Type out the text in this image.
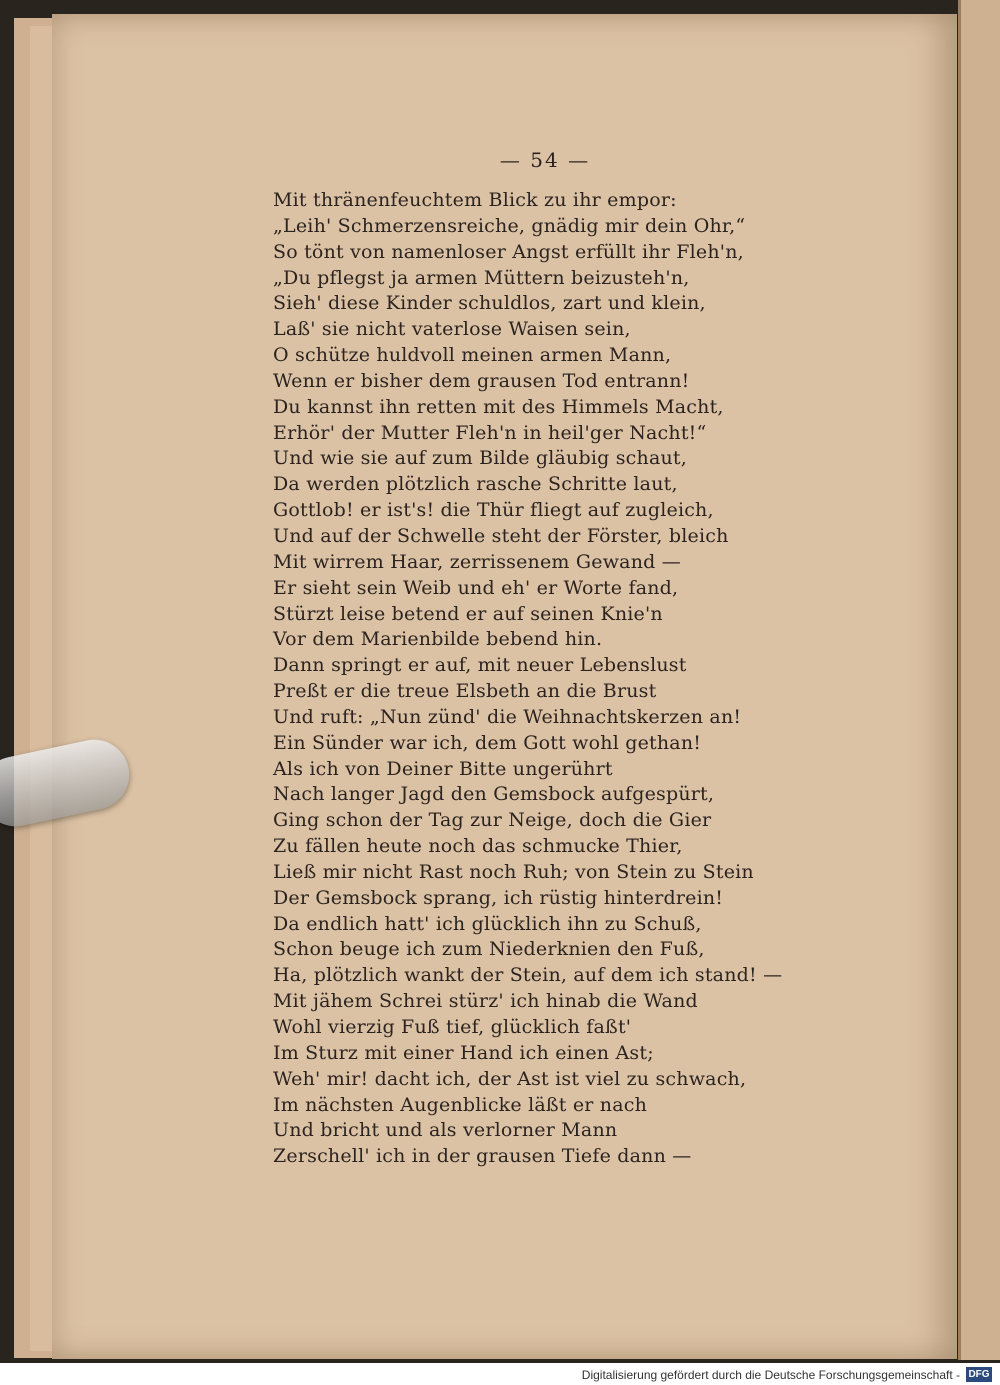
— 54 —
Mit thränenfeuchtem Blick zu ihr empor:
„Leih' Schmerzensreiche, gnädig mir dein Ohr,“
So tönt von namenloser Angst erfüllt ihr Fleh'n,
„Du pflegst ja armen Müttern beizusteh'n,
Sieh' diese Kinder schuldlos, zart und klein,
Laß' sie nicht vaterlose Waisen sein,
O schütze huldvoll meinen armen Mann,
Wenn er bisher dem grausen Tod entrann!
Du kannst ihn retten mit des Himmels Macht,
Erhör' der Mutter Fleh'n in heil'ger Nacht!“
Und wie sie auf zum Bilde gläubig schaut,
Da werden plötzlich rasche Schritte laut,
Gottlob! er ist's! die Thür fliegt auf zugleich,
Und auf der Schwelle steht der Förster, bleich
Mit wirrem Haar, zerrissenem Gewand —
Er sieht sein Weib und eh' er Worte fand,
Stürzt leise betend er auf seinen Knie'n
Vor dem Marienbilde bebend hin.
Dann springt er auf, mit neuer Lebenslust
Preßt er die treue Elsbeth an die Brust
Und ruft: „Nun zünd' die Weihnachtskerzen an!
Ein Sünder war ich, dem Gott wohl gethan!
Als ich von Deiner Bitte ungerührt
Nach langer Jagd den Gemsbock aufgespürt,
Ging schon der Tag zur Neige, doch die Gier
Zu fällen heute noch das schmucke Thier,
Ließ mir nicht Rast noch Ruh; von Stein zu Stein
Der Gemsbock sprang, ich rüstig hinterdrein!
Da endlich hatt' ich glücklich ihn zu Schuß,
Schon beuge ich zum Niederknien den Fuß,
Ha, plötzlich wankt der Stein, auf dem ich stand! —
Mit jähem Schrei stürz' ich hinab die Wand
Wohl vierzig Fuß tief, glücklich faßt'
Im Sturz mit einer Hand ich einen Ast;
Weh' mir! dacht ich, der Ast ist viel zu schwach,
Im nächsten Augenblicke läßt er nach
Und bricht und als verlorner Mann
Zerschell' ich in der grausen Tiefe dann —
Digitalisierung gefördert durch die Deutsche Forschungsgemeinschaft - DFG
